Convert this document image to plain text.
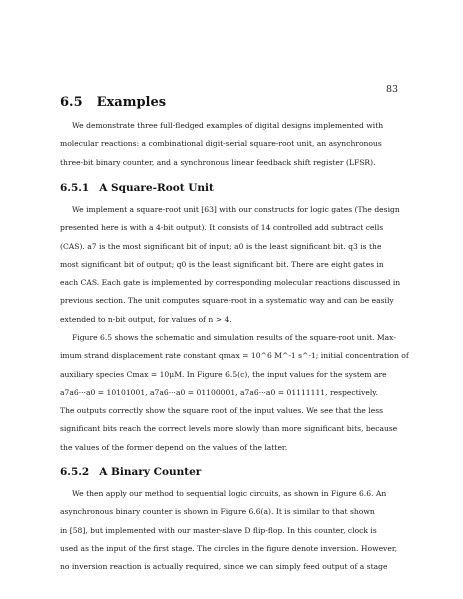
83
6.5 Examples

We demonstrate three full-fledged examples of digital designs implemented with
molecular reactions: a combinational digit-serial square-root unit, an asynchronous
three-bit binary counter, and a synchronous linear feedback shift register (LFSR).

6.5.1 A Square-Root Unit

We implement a square-root unit [63] with our constructs for logic gates (The design
presented here is with a 4-bit output). It consists of 14 controlled add subtract cells
(CAS). a7 is the most significant bit of input; a0 is the least significant bit. q3 is the
most significant bit of output; q0 is the least significant bit. There are eight gates in
each CAS. Each gate is implemented by corresponding molecular reactions discussed in
previous section. The unit computes square-root in a systematic way and can be easily
extended to n-bit output, for values of n > 4.

Figure 6.5 shows the schematic and simulation results of the square-root unit. Max-
imum strand displacement rate constant qmax = 10^6 M^-1 s^-1; initial concentration of
auxiliary species Cmax = 10μM. In Figure 6.5(c), the input values for the system are
a7a6···a0 = 10101001, a7a6···a0 = 01100001, a7a6···a0 = 01111111, respectively.
The outputs correctly show the square root of the input values. We see that the less
significant bits reach the correct levels more slowly than more significant bits, because
the values of the former depend on the values of the latter.

6.5.2 A Binary Counter

We then apply our method to sequential logic circuits, as shown in Figure 6.6. An
asynchronous binary counter is shown in Figure 6.6(a). It is similar to that shown
in [58], but implemented with our master-slave D flip-flop. In this counter, clock is
used as the input of the first stage. The circles in the figure denote inversion. However,
no inversion reaction is actually required, since we can simply feed output of a stage
